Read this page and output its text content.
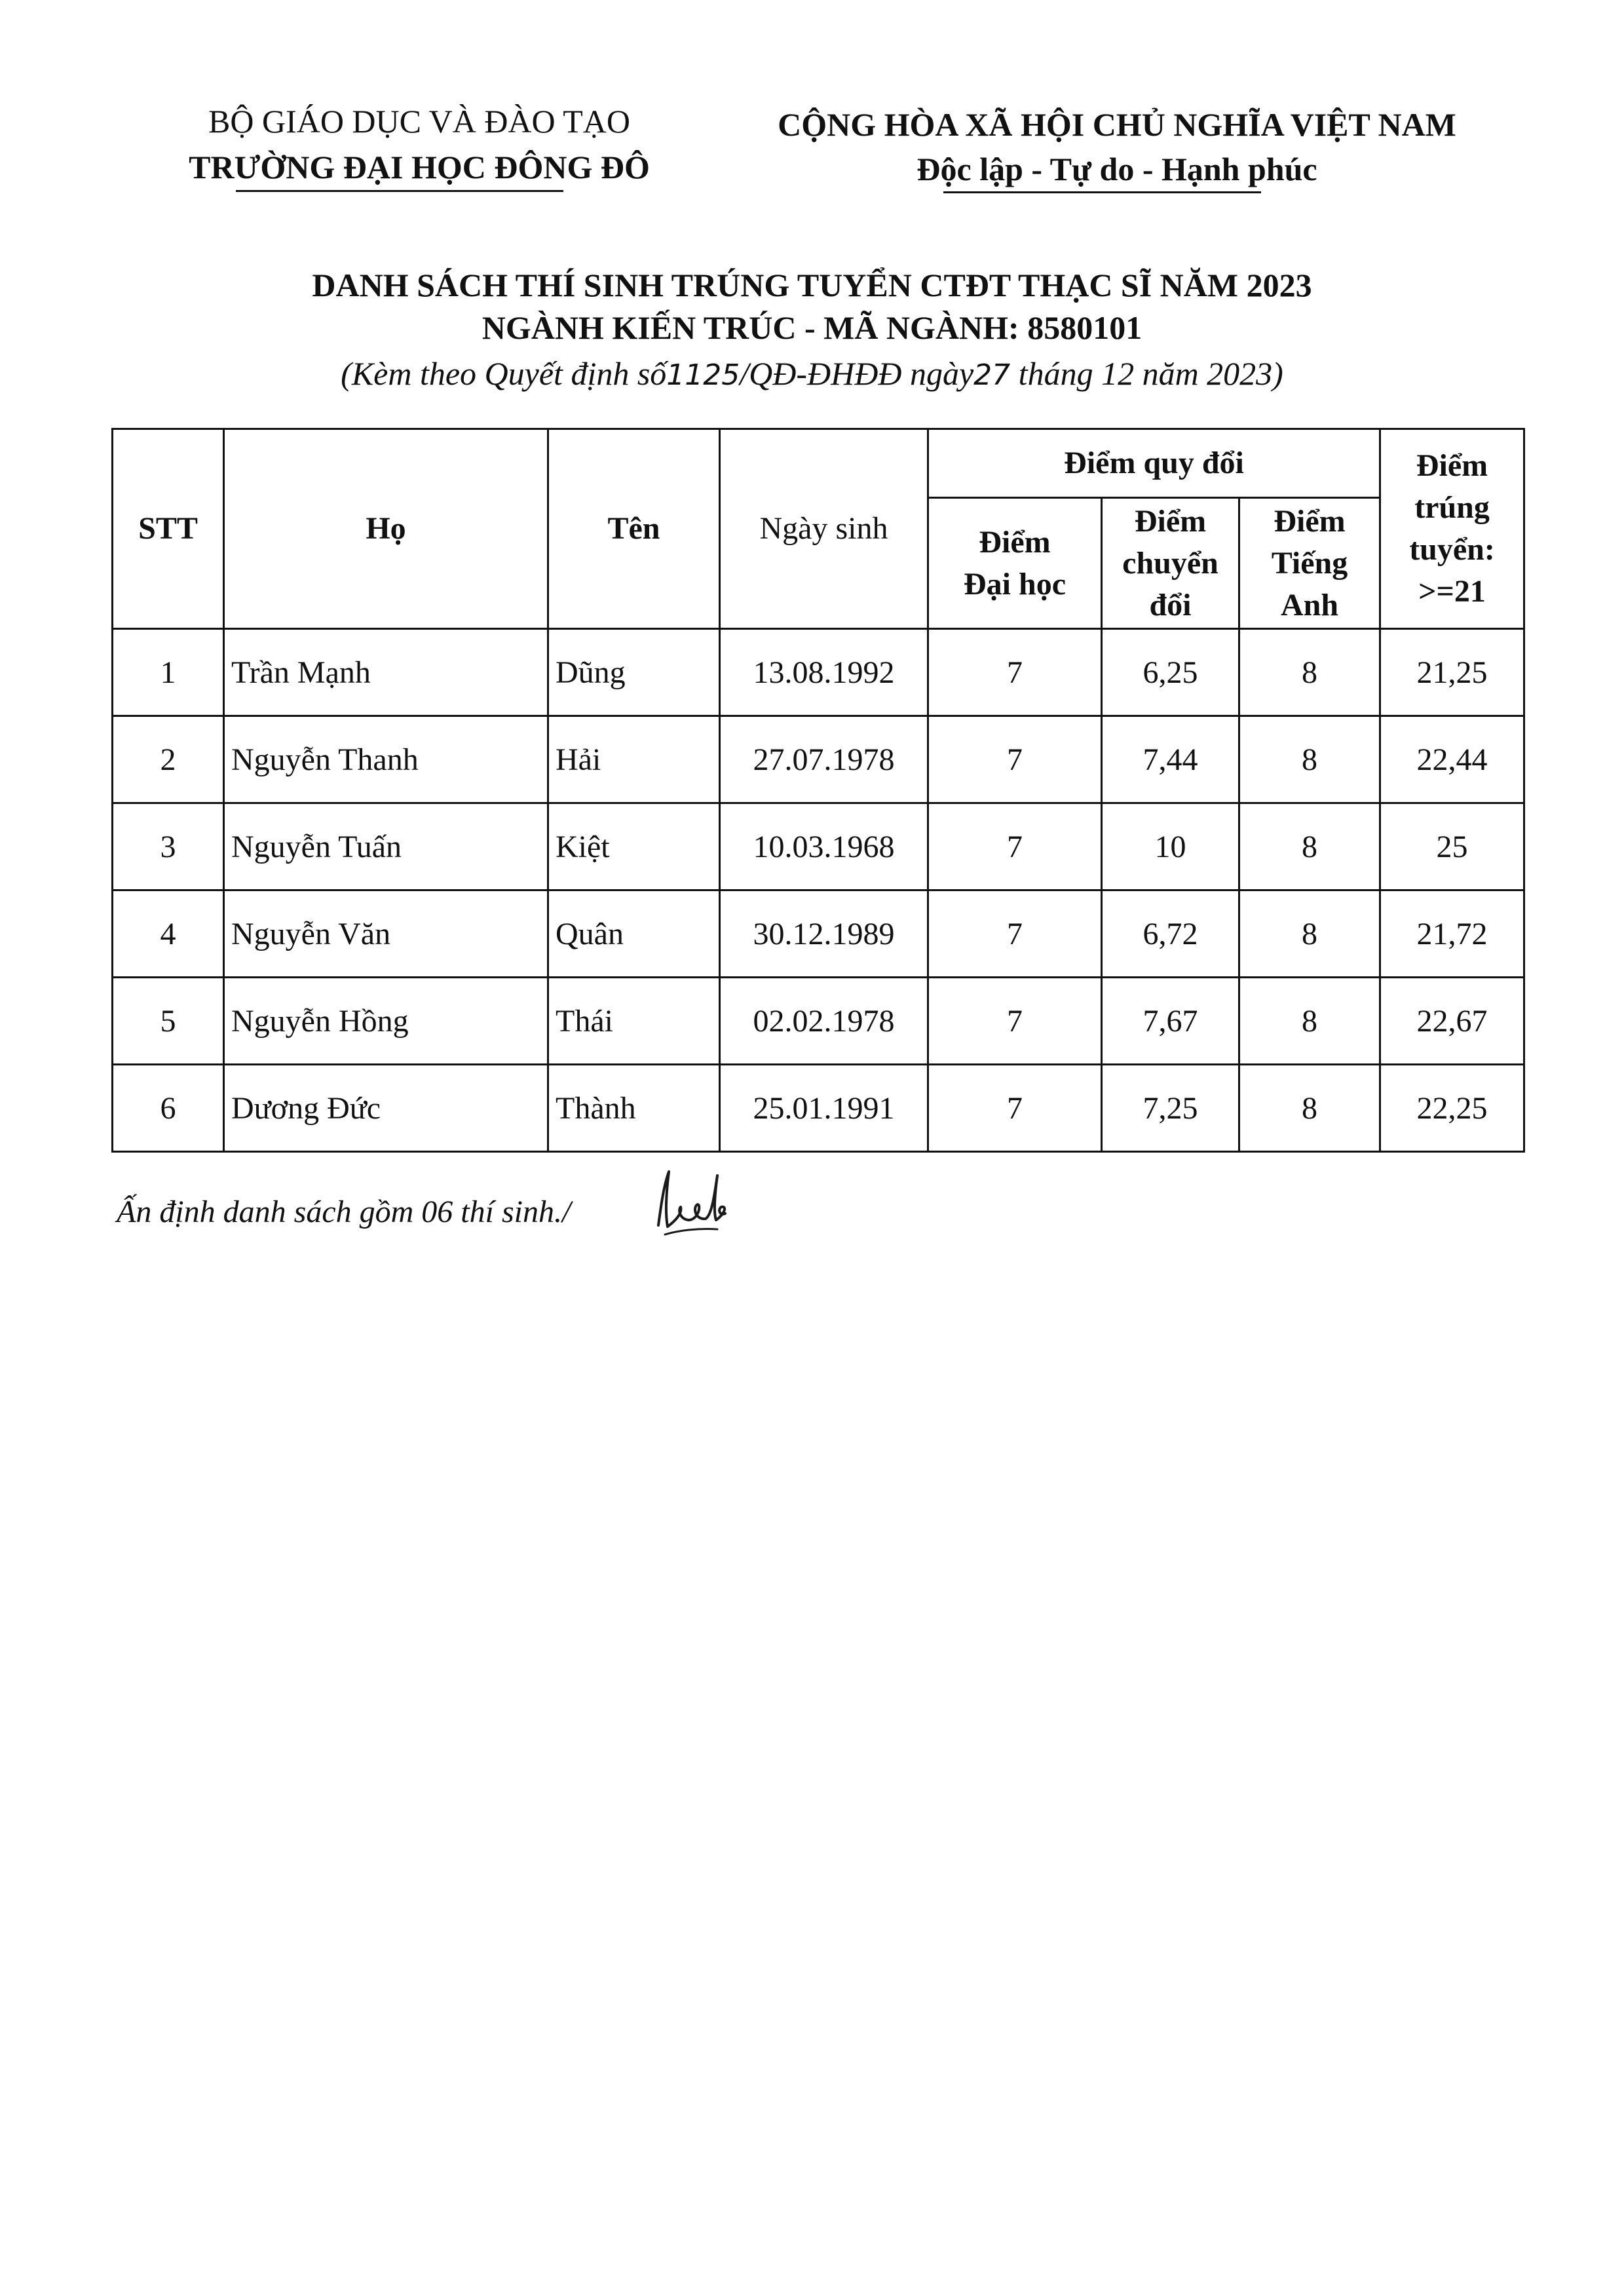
BỘ GIÁO DỤC VÀ ĐÀO TẠO
TRƯỜNG ĐẠI HỌC ĐÔNG ĐÔ
CỘNG HÒA XÃ HỘI CHỦ NGHĨA VIỆT NAM
Độc lập - Tự do - Hạnh phúc
DANH SÁCH THÍ SINH TRÚNG TUYỂN CTĐT THẠC SĨ NĂM 2023
NGÀNH KIẾN TRÚC - MÃ NGÀNH: 8580101
(Kèm theo Quyết định số1125/QĐ-ĐHĐĐ ngày27 tháng 12 năm 2023)
STT	Họ	Tên	Ngày sinh	Điểm quy đổi			Điểm trúng tuyển: >=21
				Điểm Đại học	Điểm chuyển đổi	Điểm Tiếng Anh	
1	Trần Mạnh	Dũng	13.08.1992	7	6,25	8	21,25
2	Nguyễn Thanh	Hải	27.07.1978	7	7,44	8	22,44
3	Nguyễn Tuấn	Kiệt	10.03.1968	7	10	8	25
4	Nguyễn Văn	Quân	30.12.1989	7	6,72	8	21,72
5	Nguyễn Hồng	Thái	02.02.1978	7	7,67	8	22,67
6	Dương Đức	Thành	25.01.1991	7	7,25	8	22,25
Ấn định danh sách gồm 06 thí sinh./
